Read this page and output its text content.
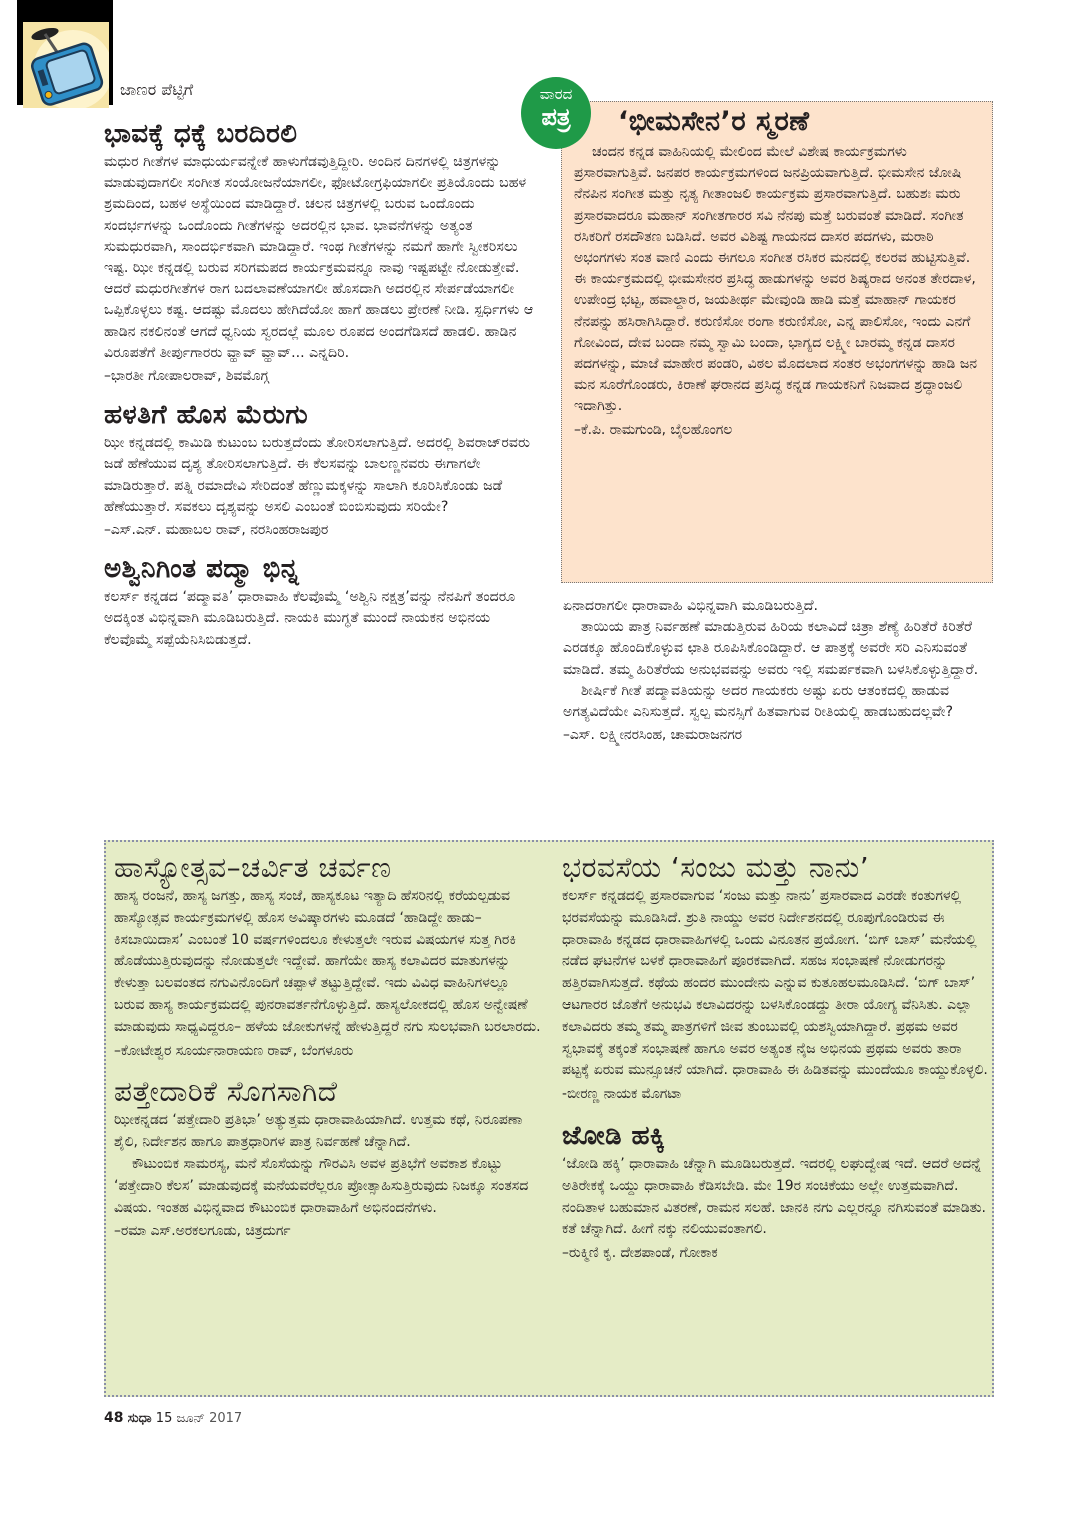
ಜಾಣರ ಪೆಟ್ಟಿಗೆ
ಭಾವಕ್ಕೆ ಧಕ್ಕೆ ಬರದಿರಲಿ

ಮಧುರ ಗೀತೆಗಳ ಮಾಧುರ್ಯವನ್ನೇಕೆ ಹಾಳುಗೆಡವುತ್ತಿದ್ದೀರಿ. ಅಂದಿನ ದಿನಗಳಲ್ಲಿ ಚಿತ್ರಗಳನ್ನು ಮಾಡುವುದಾಗಲೀ ಸಂಗೀತ ಸಂಯೋಜನೆಯಾಗಲೀ, ಫೋಟೋಗ್ರಫಿಯಾಗಲೀ ಪ್ರತಿಯೊಂದು ಬಹಳ ಶ್ರಮದಿಂದ, ಬಹಳ ಅಸ್ಥೆಯಿಂದ ಮಾಡಿದ್ದಾರೆ. ಚಲನ ಚಿತ್ರಗಳಲ್ಲಿ ಬರುವ ಒಂದೊಂದು ಸಂದರ್ಭಗಳನ್ನು ಒಂದೊಂದು ಗೀತೆಗಳನ್ನು ಅದರಲ್ಲಿನ ಭಾವ. ಭಾವನೆಗಳನ್ನು ಅತ್ಯಂತ ಸುಮಧುರವಾಗಿ, ಸಾಂದರ್ಭಿಕವಾಗಿ ಮಾಡಿದ್ದಾರೆ. ಇಂಥ ಗೀತೆಗಳನ್ನು ನಮಗೆ ಹಾಗೇ ಸ್ವೀಕರಿಸಲು ಇಷ್ಟ. ಝೀ ಕನ್ನಡಲ್ಲಿ ಬರುವ ಸರಿಗಮಪದ ಕಾರ್ಯಕ್ರಮವನ್ನೂ ನಾವು ಇಷ್ಟಪಟ್ಟೇ ನೋಡುತ್ತೇವೆ. ಆದರೆ ಮಧುರಗೀತೆಗಳ ರಾಗ ಬದಲಾವಣೆಯಾಗಲೀ ಹೊಸದಾಗಿ ಅದರಲ್ಲಿನ ಸೇರ್ಪಡೆಯಾಗಲೀ ಒಪ್ಪಿಕೊಳ್ಳಲು ಕಷ್ಟ. ಆದಷ್ಟು ಮೊದಲು ಹೇಗಿದೆಯೋ ಹಾಗೆ ಹಾಡಲು ಪ್ರೇರಣೆ ನೀಡಿ. ಸ್ಪರ್ಧಿಗಳು ಆ ಹಾಡಿನ ನಕಲಿನಂತೆ ಆಗದೆ ಧ್ವನಿಯ ಸ್ವರದಲ್ಲೆ ಮೂಲ ರೂಪದ ಅಂದಗೆಡಿಸದೆ ಹಾಡಲಿ. ಹಾಡಿನ ವಿರೂಪತೆಗೆ ತೀರ್ಪುಗಾರರು ವ್ಹಾವ್ ವ್ಹಾವ್... ಎನ್ನದಿರಿ.

–ಭಾರತೀ ಗೋಪಾಲರಾವ್, ಶಿವಮೊಗ್ಗ

ಹಳತಿಗೆ ಹೊಸ ಮೆರುಗು

ಝೀ ಕನ್ನಡದಲ್ಲಿ ಕಾಮಿಡಿ ಕುಟುಂಬ ಬರುತ್ತದೆಂದು ತೋರಿಸಲಾಗುತ್ತಿದೆ. ಅದರಲ್ಲಿ ಶಿವರಾಜ್‌ರವರು ಜಡೆ ಹೆಣೆಯುವ ದೃಶ್ಯ ತೋರಿಸಲಾಗುತ್ತಿದೆ. ಈ ಕೆಲಸವನ್ನು ಬಾಲಣ್ಣನವರು ಈಗಾಗಲೇ ಮಾಡಿರುತ್ತಾರೆ. ಪತ್ನಿ ರಮಾದೇವಿ ಸೇರಿದಂತೆ ಹೆಣ್ಣುಮಕ್ಕಳನ್ನು ಸಾಲಾಗಿ ಕೂರಿಸಿಕೊಂಡು ಜಡೆ ಹೆಣೆಯುತ್ತಾರೆ. ಸವಕಲು ದೃಶ್ಯವನ್ನು ಅಸಲಿ ಎಂಬಂತೆ ಬಿಂಬಿಸುವುದು ಸರಿಯೇ?

–ಎಸ್.ಎನ್. ಮಹಾಬಲ ರಾವ್, ನರಸಿಂಹರಾಜಪುರ

ಅಶ್ವಿನಿಗಿಂತ ಪದ್ಮಾ ಭಿನ್ನ

ಕಲರ್ಸ್ ಕನ್ನಡದ ‘ಪದ್ಮಾವತಿ’ ಧಾರಾವಾಹಿ ಕೆಲವೊಮ್ಮೆ ‘ಅಶ್ವಿನಿ ನಕ್ಷತ್ರ’ವನ್ನು ನೆನಪಿಗೆ ತಂದರೂ ಅದಕ್ಕಿಂತ ವಿಭಿನ್ನವಾಗಿ ಮೂಡಿಬರುತ್ತಿದೆ. ನಾಯಕಿ ಮುಗ್ಧತೆ ಮುಂದೆ ನಾಯಕನ ಅಭಿನಯ ಕೆಲವೊಮ್ಮೆ ಸಪ್ಪೆಯೆನಿಸಿಬಿಡುತ್ತದೆ.

ವಾರದ
ಪತ್ರ	‘ಭೀಮಸೇನ’ರ ಸ್ಮರಣೆ

ಚಂದನ ಕನ್ನಡ ವಾಹಿನಿಯಲ್ಲಿ ಮೇಲಿಂದ ಮೇಲೆ ವಿಶೇಷ ಕಾರ್ಯಕ್ರಮಗಳು ಪ್ರಸಾರವಾಗುತ್ತಿವೆ. ಜನಪರ ಕಾರ್ಯಕ್ರಮಗಳಿಂದ ಜನಪ್ರಿಯವಾಗುತ್ತಿದೆ. ಭೀಮಸೇನ ಜೋಷಿ ನೆನಪಿನ ಸಂಗೀತ ಮತ್ತು ನೃತ್ಯ ಗೀತಾಂಜಲಿ ಕಾರ್ಯಕ್ರಮ ಪ್ರಸಾರವಾಗುತ್ತಿದೆ. ಬಹುಶಃ ಮರು ಪ್ರಸಾರವಾದರೂ ಮಹಾನ್ ಸಂಗೀತಗಾರರ ಸವಿ ನೆನಪು ಮತ್ತೆ ಬರುವಂತೆ ಮಾಡಿದೆ. ಸಂಗೀತ ರಸಿಕರಿಗೆ ರಸದೌತಣ ಬಡಿಸಿದೆ. ಅವರ ವಿಶಿಷ್ಟ ಗಾಯನದ ದಾಸರ ಪದಗಳು, ಮರಾಠಿ ಅಭಂಗಗಳು ಸಂತ ವಾಣಿ ಎಂದು ಈಗಲೂ ಸಂಗೀತ ರಸಿಕರ ಮನದಲ್ಲಿ ಕಲರವ ಹುಟ್ಟಿಸುತ್ತಿವೆ. ಈ ಕಾರ್ಯಕ್ರಮದಲ್ಲಿ ಭೀಮಸೇನರ ಪ್ರಸಿದ್ಧ ಹಾಡುಗಳನ್ನು ಅವರ ಶಿಷ್ಯರಾದ ಅನಂತ ತೇರದಾಳ, ಉಪೇಂದ್ರ ಭಟ್ಟ, ಹವಾಲ್ದಾರ, ಜಯತೀರ್ಥ ಮೇವುಂಡಿ ಹಾಡಿ ಮತ್ತೆ ಮಾಹಾನ್ ಗಾಯಕರ ನೆನಪನ್ನು ಹಸಿರಾಗಿಸಿದ್ದಾರೆ. ಕರುಣಿಸೋ ರಂಗಾ ಕರುಣಿಸೋ, ಎನ್ನ ಪಾಲಿಸೋ, ಇಂದು ಎನಗೆ ಗೋವಿಂದ, ದೇವ ಬಂದಾ ನಮ್ಮ ಸ್ವಾಮಿ ಬಂದಾ, ಭಾಗ್ಯದ ಲಕ್ಷ್ಮೀ ಬಾರಮ್ಮ ಕನ್ನಡ ದಾಸರ ಪದಗಳನ್ನು, ಮಾಜೆ ಮಾಹೇರ ಪಂಡರಿ, ವಿಠಲ ಮೊದಲಾದ ಸಂತರ ಅಭಂಗಗಳನ್ನು ಹಾಡಿ ಜನ ಮನ ಸೂರೆಗೊಂಡರು, ಕಿರಾಣೆ ಘರಾನದ ಪ್ರಸಿದ್ಧ ಕನ್ನಡ ಗಾಯಕನಿಗೆ ನಿಜವಾದ ಶ್ರದ್ಧಾಂಜಲಿ ಇದಾಗಿತ್ತು.

–ಕೆ.ಪಿ. ರಾಮಗುಂಡಿ, ಬೈಲಹೊಂಗಲ

ಏನಾದರಾಗಲೀ ಧಾರಾವಾಹಿ ವಿಭಿನ್ನವಾಗಿ ಮೂಡಿಬರುತ್ತಿದೆ.

ತಾಯಿಯ ಪಾತ್ರ ನಿರ್ವಹಣೆ ಮಾಡುತ್ತಿರುವ ಹಿರಿಯ ಕಲಾವಿದೆ ಚಿತ್ರಾ ಶೆಣ್ಯೆ ಹಿರಿತೆರೆ ಕಿರಿತೆರೆ ಎರಡಕ್ಕೂ ಹೊಂದಿಕೊಳ್ಳುವ ಛಾತಿ ರೂಪಿಸಿಕೊಂಡಿದ್ದಾರೆ. ಆ ಪಾತ್ರಕ್ಕೆ ಅವರೇ ಸರಿ ಎನಿಸುವಂತೆ ಮಾಡಿದೆ. ತಮ್ಮ ಹಿರಿತೆರೆಯ ಅನುಭವವನ್ನು ಅವರು ಇಲ್ಲಿ ಸಮರ್ಪಕವಾಗಿ ಬಳಸಿಕೊಳ್ಳುತ್ತಿದ್ದಾರೆ.

ಶೀರ್ಷಿಕೆ ಗೀತೆ ಪದ್ಮಾವತಿಯನ್ನು ಅದರ ಗಾಯಕರು ಅಷ್ಟು ಏರು ಆತಂಕದಲ್ಲಿ ಹಾಡುವ ಅಗತ್ಯವಿದೆಯೇ ಎನಿಸುತ್ತದೆ. ಸ್ವಲ್ಪ ಮನಸ್ಸಿಗೆ ಹಿತವಾಗುವ ರೀತಿಯಲ್ಲಿ ಹಾಡಬಹುದಲ್ಲವೇ?

–ಎಸ್. ಲಕ್ಷ್ಮೀನರಸಿಂಹ, ಚಾಮರಾಜನಗರ

ಹಾಸ್ಯೋತ್ಸವ–ಚರ್ವಿತ ಚರ್ವಣ

ಹಾಸ್ಯ ರಂಜನೆ, ಹಾಸ್ಯ ಜಗತ್ತು, ಹಾಸ್ಯ ಸಂಜೆ, ಹಾಸ್ಯಕೂಟ ಇತ್ಯಾದಿ ಹೆಸರಿನಲ್ಲಿ ಕರೆಯಲ್ಪಡುವ ಹಾಸ್ಯೋತ್ಸವ ಕಾರ್ಯಕ್ರಮಗಳಲ್ಲಿ ಹೊಸ ಅವಿಷ್ಕಾರಗಳು ಮೂಡದೆ ‘ಹಾಡಿದ್ದೇ ಹಾಡು– ಕಿಸಬಾಯಿದಾಸ’ ಎಂಬಂತೆ 10 ವರ್ಷಗಳಿಂದಲೂ ಕೇಳುತ್ತಲೇ ಇರುವ ವಿಷಯಗಳ ಸುತ್ತ ಗಿರಕಿ ಹೊಡೆಯುತ್ತಿರುವುದನ್ನು ನೋಡುತ್ತಲೇ ಇದ್ದೇವೆ. ಹಾಗೆಯೇ ಹಾಸ್ಯ ಕಲಾವಿದರ ಮಾತುಗಳನ್ನು ಕೇಳುತ್ತಾ ಬಲವಂತದ ನಗುವಿನೊಂದಿಗೆ ಚಪ್ಪಾಳೆ ತಟ್ಟುತ್ತಿದ್ದೇವೆ. ಇದು ವಿವಿಧ ವಾಹಿನಿಗಳಲ್ಲೂ ಬರುವ ಹಾಸ್ಯ ಕಾರ್ಯಕ್ರಮದಲ್ಲಿ ಪುನರಾವರ್ತನೆಗೊಳ್ಳುತ್ತಿದೆ. ಹಾಸ್ಯಲೋಕದಲ್ಲಿ ಹೊಸ ಅನ್ವೇಷಣೆ ಮಾಡುವುದು ಸಾಧ್ಯವಿದ್ದರೂ– ಹಳೆಯ ಜೋಕುಗಳನ್ನೆ ಹೇಳುತ್ತಿದ್ದರೆ ನಗು ಸುಲಭವಾಗಿ ಬರಲಾರದು.

–ಕೋಟೇಶ್ವರ ಸೂರ್ಯನಾರಾಯಣ ರಾವ್, ಬೆಂಗಳೂರು

ಪತ್ತೇದಾರಿಕೆ ಸೊಗಸಾಗಿದೆ

ಝೀಕನ್ನಡದ ‘ಪತ್ತೇದಾರಿ ಪ್ರತಿಭಾ’ ಅತ್ಯುತ್ತಮ ಧಾರಾವಾಹಿಯಾಗಿದೆ. ಉತ್ತಮ ಕಥೆ, ನಿರೂಪಣಾ ಶೈಲಿ, ನಿರ್ದೇಶನ ಹಾಗೂ ಪಾತ್ರಧಾರಿಗಳ ಪಾತ್ರ ನಿರ್ವಹಣೆ ಚೆನ್ನಾಗಿದೆ.

ಕೌಟುಂಬಿಕ ಸಾಮರಸ್ಯ, ಮನೆ ಸೊಸೆಯನ್ನು ಗೌರವಿಸಿ ಅವಳ ಪ್ರತಿಭೆಗೆ ಅವಕಾಶ ಕೊಟ್ಟು ‘ಪತ್ತೇದಾರಿ ಕೆಲಸ’ ಮಾಡುವುದಕ್ಕೆ ಮನೆಯವರೆಲ್ಲರೂ ಪ್ರೋತ್ಸಾಹಿಸುತ್ತಿರುವುದು ನಿಜಕ್ಕೂ ಸಂತಸದ ವಿಷಯ. ಇಂತಹ ವಿಭಿನ್ನವಾದ ಕೌಟುಂಬಿಕ ಧಾರಾವಾಹಿಗೆ ಅಭಿನಂದನೆಗಳು.

–ರಮಾ ಎಸ್.ಅರಕಲಗೂಡು, ಚಿತ್ರದುರ್ಗ

ಭರವಸೆಯ ‘ಸಂಜು ಮತ್ತು ನಾನು’

ಕಲರ್ಸ್ ಕನ್ನಡದಲ್ಲಿ ಪ್ರಸಾರವಾಗುವ ‘ಸಂಜು ಮತ್ತು ನಾನು’ ಪ್ರಸಾರವಾದ ಎರಡೇ ಕಂತುಗಳಲ್ಲಿ ಭರವಸೆಯನ್ನು ಮೂಡಿಸಿದೆ. ಶ್ರುತಿ ನಾಯ್ಡು ಅವರ ನಿರ್ದೇಶನದಲ್ಲಿ ರೂಪುಗೊಂಡಿರುವ ಈ ಧಾರಾವಾಹಿ ಕನ್ನಡದ ಧಾರಾವಾಹಿಗಳಲ್ಲಿ ಒಂದು ವಿನೂತನ ಪ್ರಯೋಗ. ‘ಬಿಗ್ ಬಾಸ್’ ಮನೆಯಲ್ಲಿ ನಡೆದ ಘಟನೆಗಳ ಬಳಕೆ ಧಾರಾವಾಹಿಗೆ ಪೂರಕವಾಗಿದೆ. ಸಹಜ ಸಂಭಾಷಣೆ ನೋಡುಗರನ್ನು ಹತ್ತಿರವಾಗಿಸುತ್ತದೆ. ಕಥೆಯ ಹಂದರ ಮುಂದೇನು ಎನ್ನುವ ಕುತೂಹಲಮೂಡಿಸಿದೆ. ‘ಬಿಗ್ ಬಾಸ್’ ಆಟಗಾರರ ಜೊತೆಗೆ ಅನುಭವಿ ಕಲಾವಿದರನ್ನು ಬಳಸಿಕೊಂಡದ್ದು ತೀರಾ ಯೋಗ್ಯ ವೆನಿಸಿತು. ಎಲ್ಲಾ ಕಲಾವಿದರು ತಮ್ಮ ತಮ್ಮ ಪಾತ್ರಗಳಿಗೆ ಜೀವ ತುಂಬುವಲ್ಲಿ ಯಶಸ್ವಿಯಾಗಿದ್ದಾರೆ. ಪ್ರಥಮ ಅವರ ಸ್ವಭಾವಕ್ಕೆ ತಕ್ಕಂತೆ ಸಂಭಾಷಣೆ ಹಾಗೂ ಅವರ ಅತ್ಯಂತ ನೈಜ ಅಭಿನಯ ಪ್ರಥಮ ಅವರು ತಾರಾ ಪಟ್ಟಕ್ಕೆ ಏರುವ ಮುನ್ಸೂಚನೆ ಯಾಗಿದೆ. ಧಾರಾವಾಹಿ ಈ ಹಿಡಿತವನ್ನು ಮುಂದೆಯೂ ಕಾಯ್ದುಕೊಳ್ಳಲಿ.

-ಬೀರಣ್ಣ ನಾಯಕ ಮೊಗಟಾ

ಜೋಡಿ ಹಕ್ಕಿ

‘ಜೋಡಿ ಹಕ್ಕಿ’ ಧಾರಾವಾಹಿ ಚೆನ್ನಾಗಿ ಮೂಡಿಬರುತ್ತದೆ. ಇದರಲ್ಲಿ ಲಘುದ್ವೇಷ ಇದೆ. ಆದರೆ ಅದನ್ನೆ ಅತಿರೇಕಕ್ಕೆ ಒಯ್ದು ಧಾರಾವಾಹಿ ಕೆಡಿಸಬೇಡಿ. ಮೇ 19ರ ಸಂಚಿಕೆಯು ಅಲ್ಲೇ ಉತ್ತಮವಾಗಿದೆ. ನಂದಿತಾಳ ಬಹುಮಾನ ವಿತರಣೆ, ರಾಮನ ಸಲಹೆ. ಜಾನಕಿ ನಗು ಎಲ್ಲರನ್ನೂ ನಗಿಸುವಂತೆ ಮಾಡಿತು. ಕತೆ ಚೆನ್ನಾಗಿದೆ. ಹೀಗೆ ನಕ್ಕು ನಲಿಯುವಂತಾಗಲಿ.

–ರುಕ್ಮಿಣಿ ಕೃ. ದೇಶಪಾಂಡೆ, ಗೋಕಾಕ

48 ಸುಧಾ 15 ಜೂನ್ 2017
